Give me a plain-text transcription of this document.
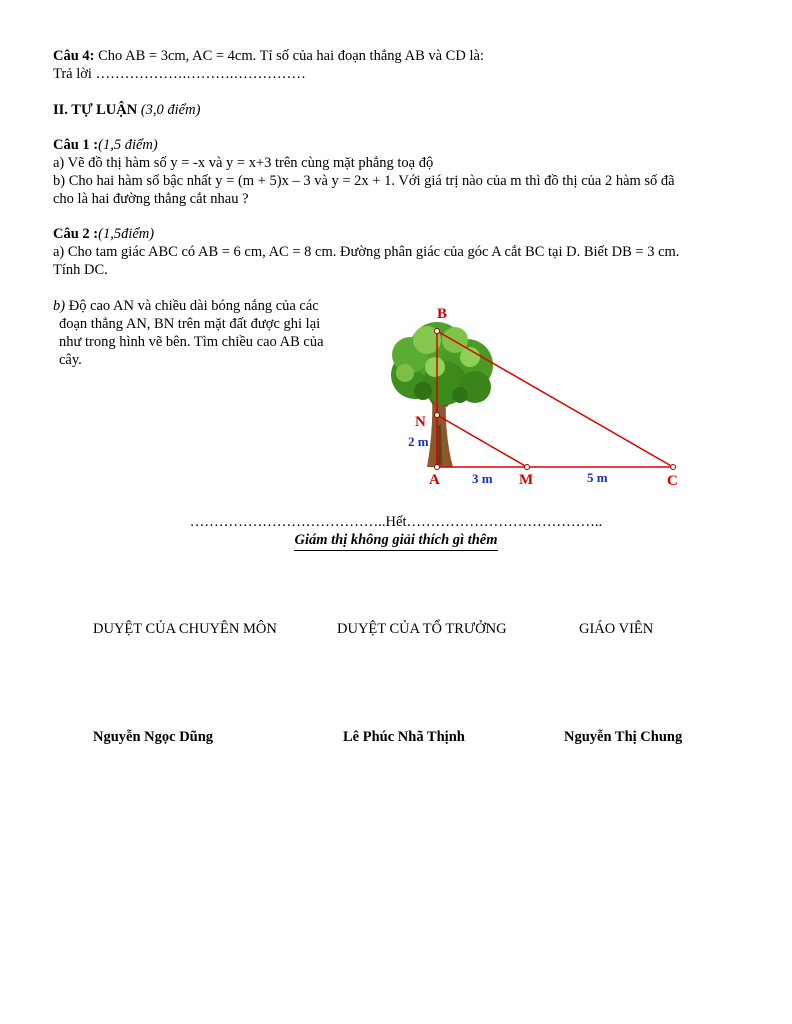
Câu 4: Cho AB = 3cm, AC = 4cm. Tỉ số của hai đoạn thẳng AB và CD là:
Trả lời ……………….……….……………
II. TỰ LUẬN (3,0 điểm)
Câu 1 :(1,5 điểm)
a) Vẽ đồ thị hàm số y = -x và y = x+3 trên cùng mặt phẳng toạ độ
b) Cho hai hàm số bậc nhất y = (m + 5)x – 3 và y = 2x + 1. Với giá trị nào của m thì đồ thị của 2 hàm số đã
cho là hai đường thẳng cắt nhau ?
Câu 2 :(1,5điểm)
a) Cho tam giác ABC có AB = 6 cm, AC = 8 cm. Đường phân giác của góc A cắt BC tại D. Biết DB = 3 cm.
Tính DC.
b) Độ cao AN và chiều dài bóng nắng của các
đoạn thẳng AN, BN trên mặt đất được ghi lại
như trong hình vẽ bên. Tìm chiều cao AB của
cây.
B
N
A	M	C
2 m
3 m	5 m
…………………………………..Hết…………………………………..
Giám thị không giải thích gì thêm
DUYỆT CỦA CHUYÊN MÔN	DUYỆT CỦA TỔ TRƯỞNG	GIÁO VIÊN
Nguyễn Ngọc Dũng	Lê Phúc Nhã Thịnh	Nguyễn Thị Chung
